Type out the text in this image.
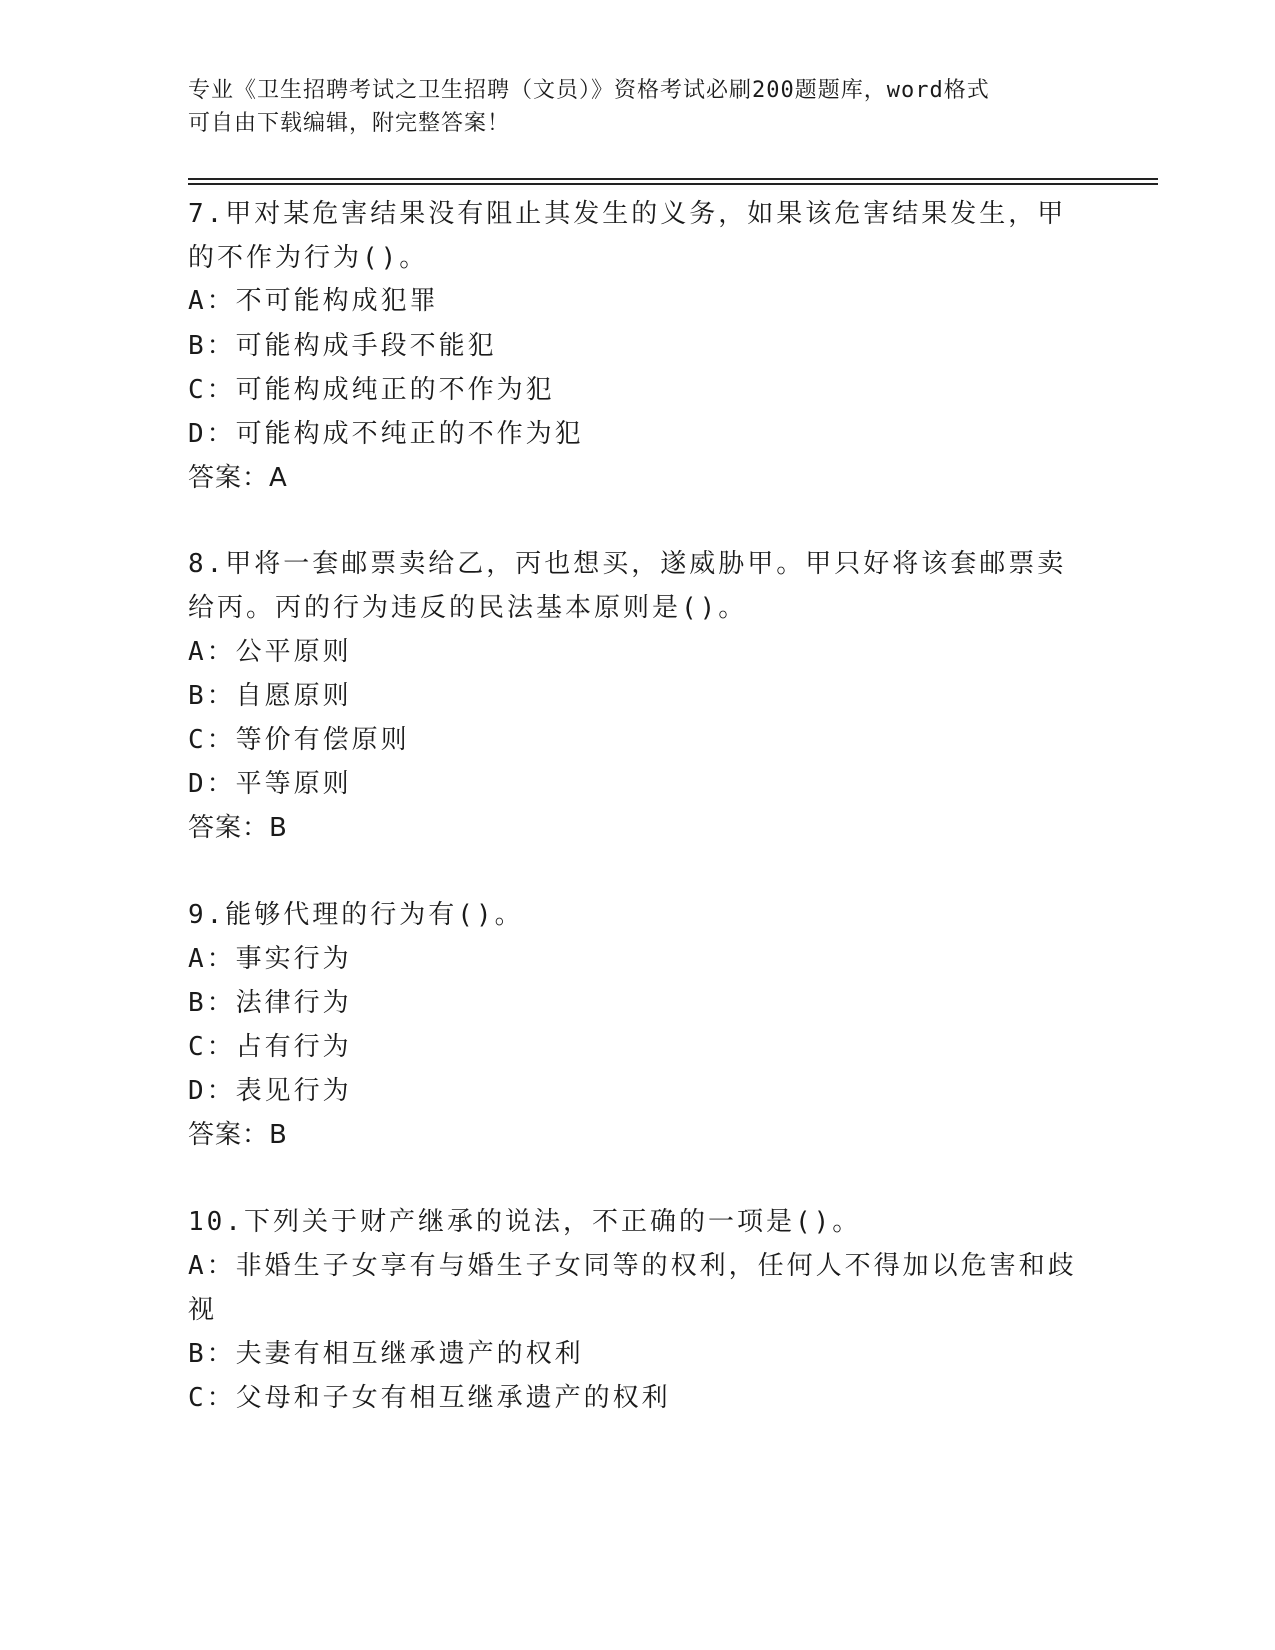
专业《卫生招聘考试之卫生招聘（文员）》资格考试必刷200题题库，word格式
可自由下载编辑，附完整答案！
7.甲对某危害结果没有阻止其发生的义务，如果该危害结果发生，甲
的不作为行为()。
A：不可能构成犯罪
B：可能构成手段不能犯
C：可能构成纯正的不作为犯
D：可能构成不纯正的不作为犯
答案：A
8.甲将一套邮票卖给乙，丙也想买，遂威胁甲。甲只好将该套邮票卖
给丙。丙的行为违反的民法基本原则是()。
A：公平原则
B：自愿原则
C：等价有偿原则
D：平等原则
答案：B
9.能够代理的行为有()。
A：事实行为
B：法律行为
C：占有行为
D：表见行为
答案：B
10.下列关于财产继承的说法，不正确的一项是()。
A：非婚生子女享有与婚生子女同等的权利，任何人不得加以危害和歧
视
B：夫妻有相互继承遗产的权利
C：父母和子女有相互继承遗产的权利
